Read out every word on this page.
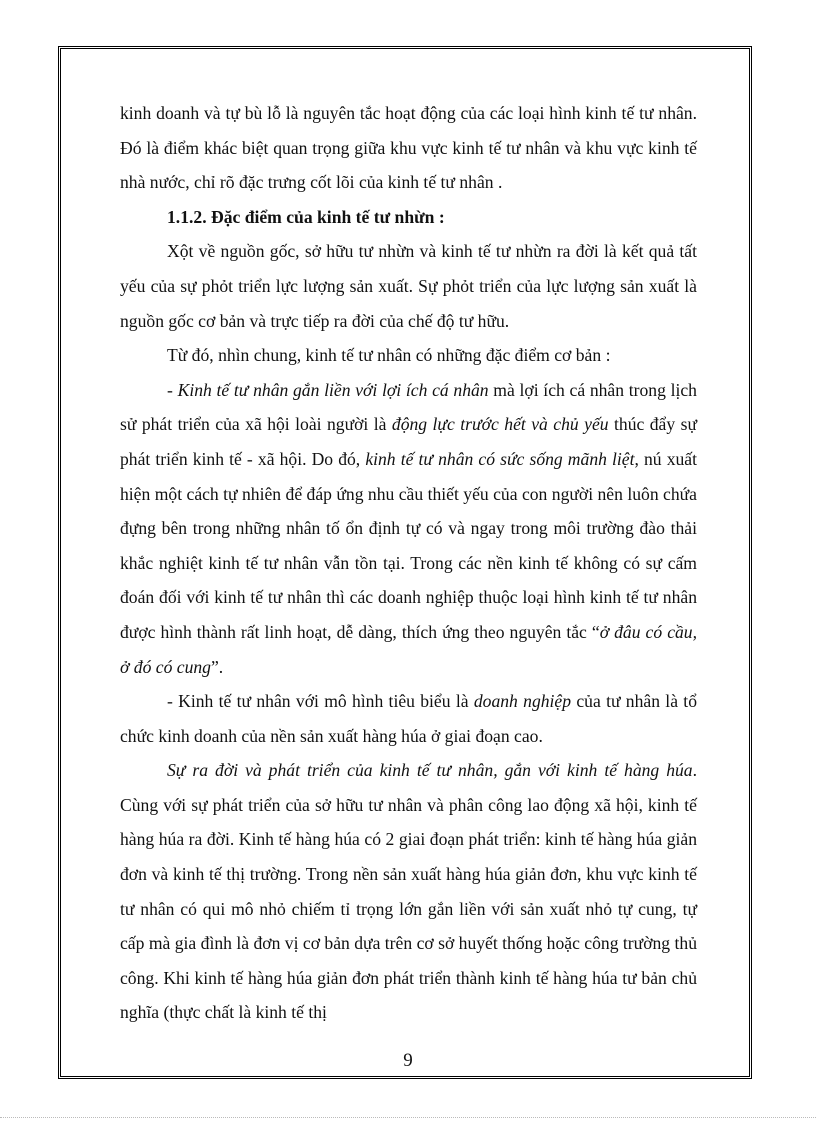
kinh doanh và tự bù lỗ là nguyên tắc hoạt động của các loại hình kinh tế tư nhân. Đó là điểm khác biệt quan trọng giữa khu vực kinh tế tư nhân và khu vực kinh tế nhà nước, chỉ rõ đặc trưng cốt lõi của kinh tế tư nhân .

1.1.2. Đặc điểm của kinh tế tư nhừn :

Xột về nguồn gốc, sở hữu tư nhừn và kinh tế tư nhừn ra đời là kết quả tất yếu của sự phỏt triển lực lượng sản xuất. Sự phỏt triển của lực lượng sản xuất là nguồn gốc cơ bản và trực tiếp ra đời của chế độ tư hữu.

Từ đó, nhìn chung, kinh tế tư nhân có những đặc điểm cơ bản :

- Kinh tế tư nhân gắn liền với lợi ích cá nhân mà lợi ích cá nhân trong lịch sử phát triển của xã hội loài người là động lực trước hết và chủ yếu thúc đẩy sự phát triển kinh tế - xã hội. Do đó, kinh tế tư nhân có sức sống mãnh liệt, nú xuất hiện một cách tự nhiên để đáp ứng nhu cầu thiết yếu của con người nên luôn chứa đựng bên trong những nhân tố ổn định tự có và ngay trong môi trường đào thải khắc nghiệt kinh tế tư nhân vẫn tồn tại. Trong các nền kinh tế không có sự cấm đoán đối với kinh tế tư nhân thì các doanh nghiệp thuộc loại hình kinh tế tư nhân được hình thành rất linh hoạt, dễ dàng, thích ứng theo nguyên tắc “ở đâu có cầu, ở đó có cung”.

- Kinh tế tư nhân với mô hình tiêu biểu là doanh nghiệp của tư nhân là tổ chức kinh doanh của nền sản xuất hàng húa ở giai đoạn cao.

Sự ra đời và phát triển của kinh tế tư nhân, gắn với kinh tế hàng húa. Cùng với sự phát triển của sở hữu tư nhân và phân công lao động xã hội, kinh tế hàng húa ra đời. Kinh tế hàng húa có 2 giai đoạn phát triển: kinh tế hàng húa giản đơn và kinh tế thị trường. Trong nền sản xuất hàng húa giản đơn, khu vực kinh tế tư nhân có qui mô nhỏ chiếm tỉ trọng lớn gắn liền với sản xuất nhỏ tự cung, tự cấp mà gia đình là đơn vị cơ bản dựa trên cơ sở huyết thống hoặc công trường thủ công. Khi kinh tế hàng húa giản đơn phát triển thành kinh tế hàng húa tư bản chủ nghĩa (thực chất là kinh tế thị

9
